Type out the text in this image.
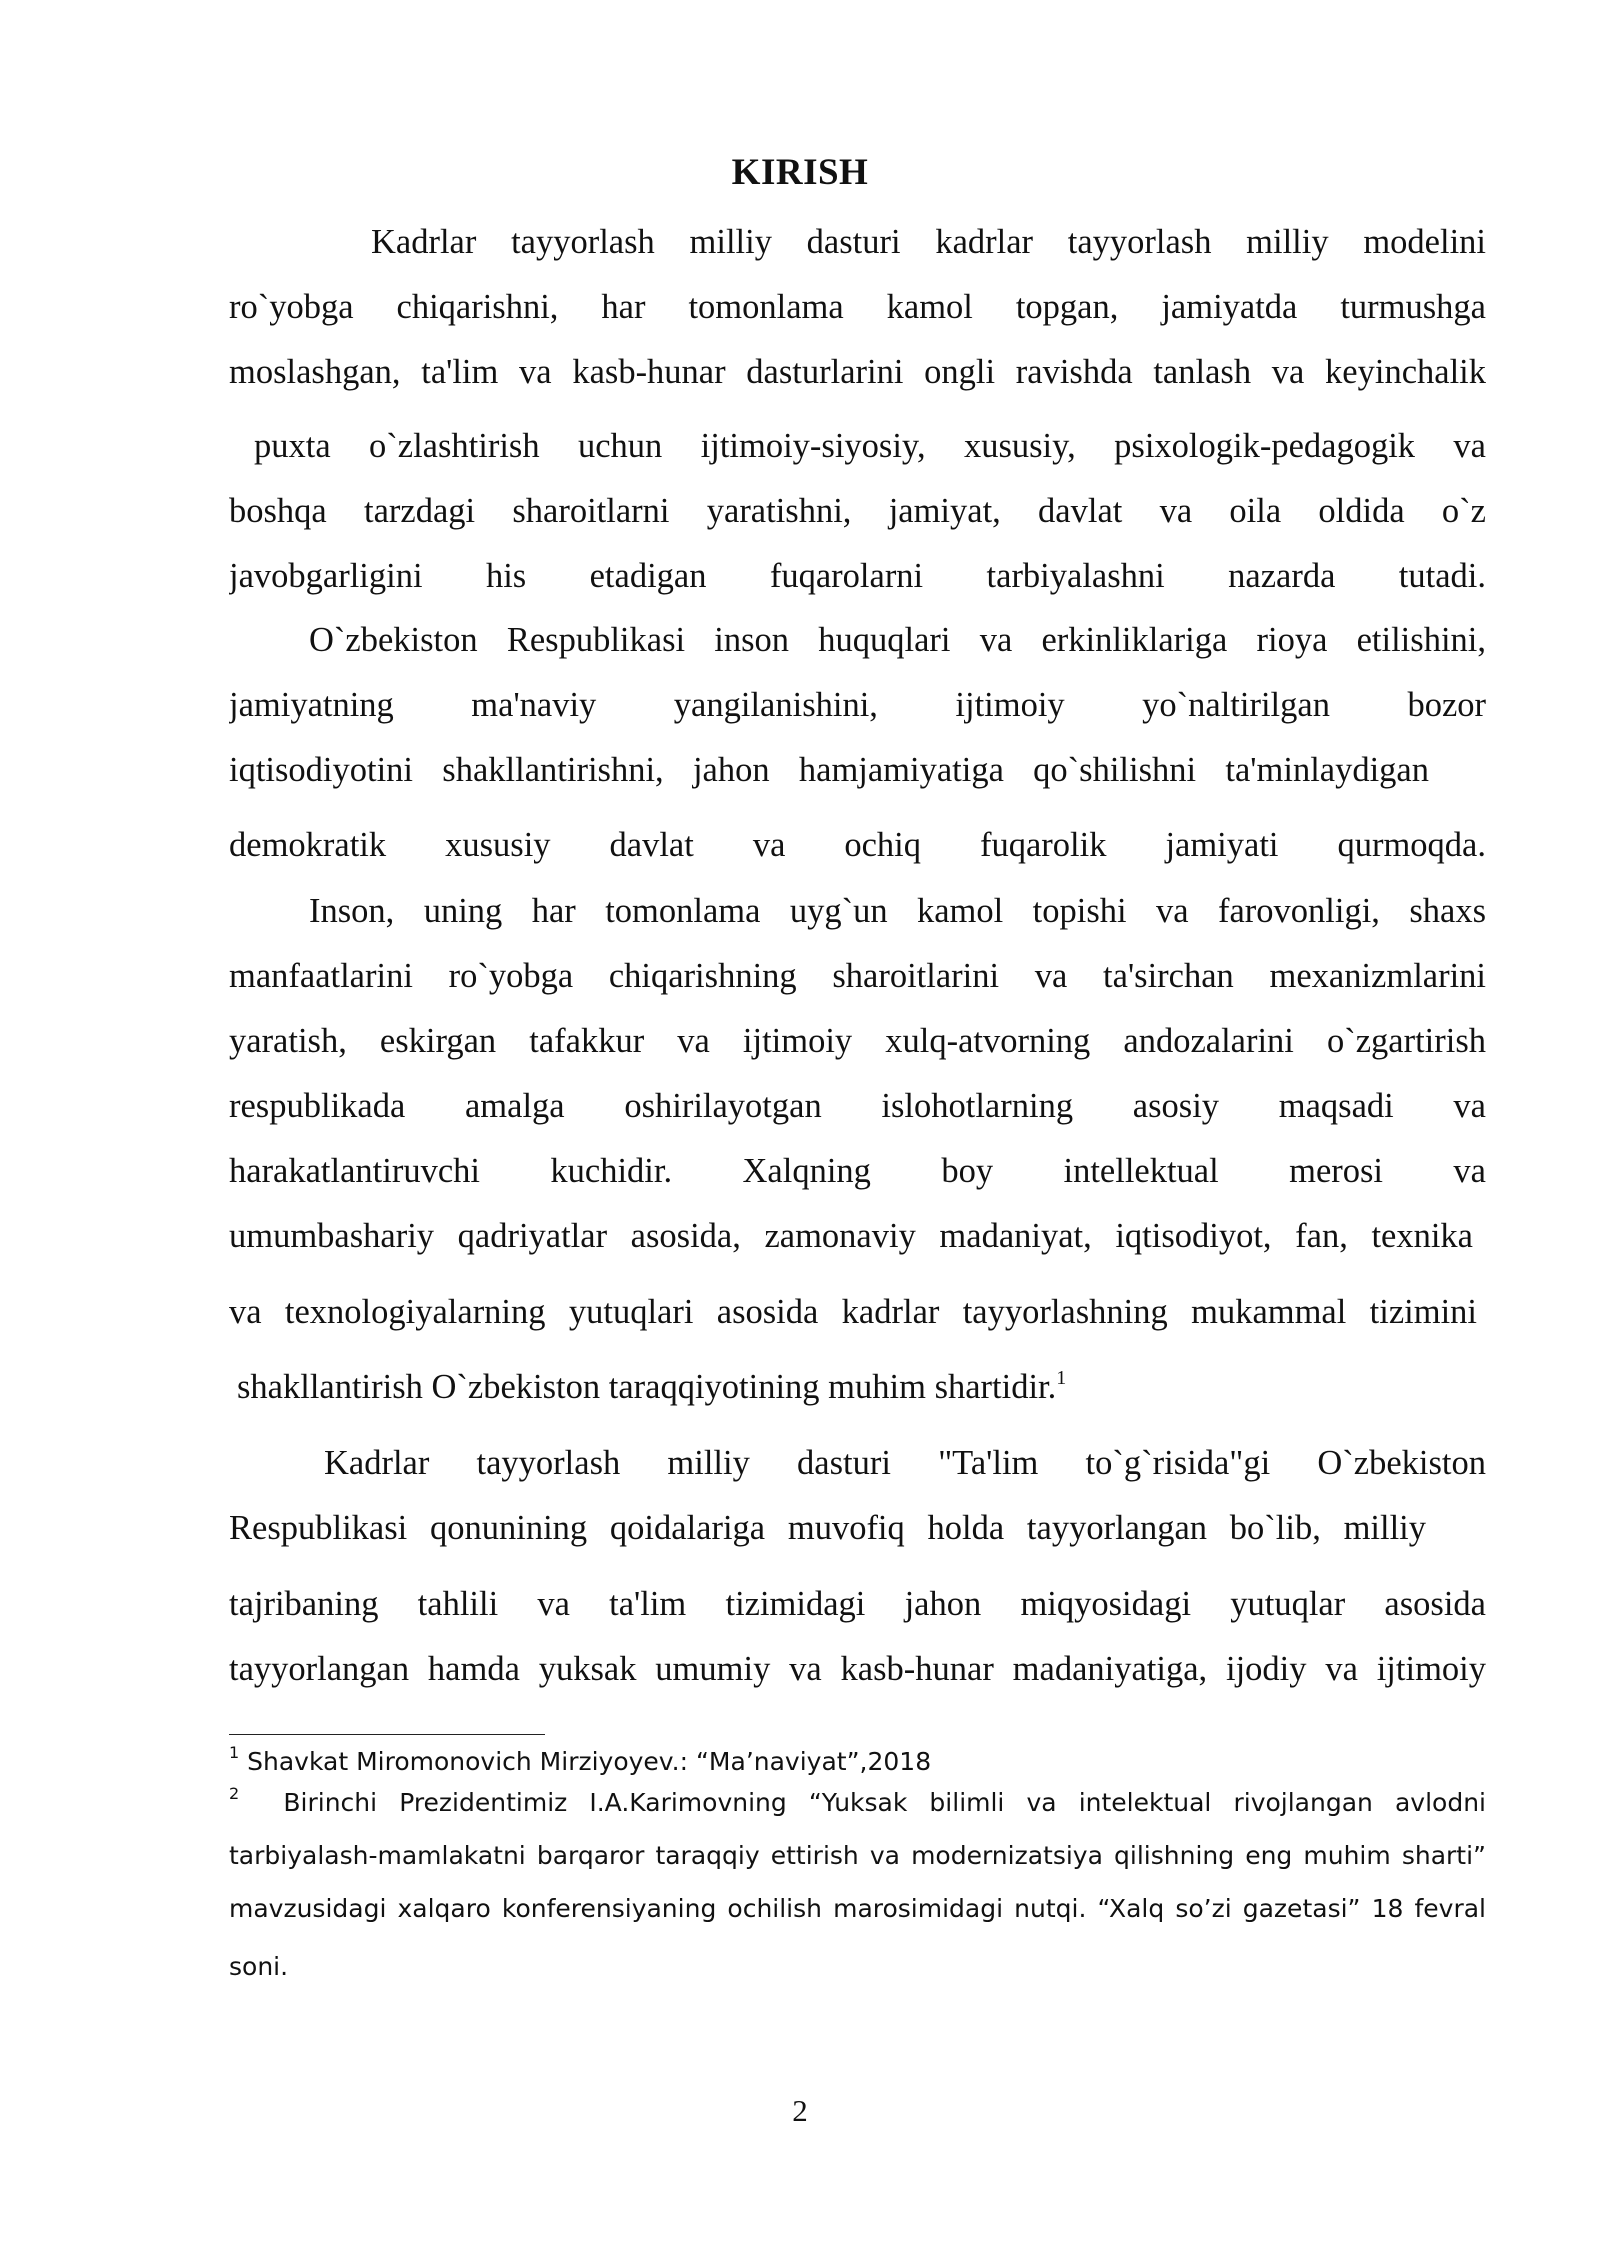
KIRISH
Kadrlar tayyorlash milliy dasturi kadrlar tayyorlash milliy modelini
ro`yobga chiqarishni, har tomonlama kamol topgan, jamiyatda turmushga
moslashgan, ta'lim va kasb-hunar dasturlarini ongli ravishda tanlash va keyinchalik
puxta o`zlashtirish uchun ijtimoiy-siyosiy, xususiy, psixologik-pedagogik va
boshqa tarzdagi sharoitlarni yaratishni, jamiyat, davlat va oila oldida o`z
javobgarligini his etadigan fuqarolarni tarbiyalashni nazarda tutadi.
O`zbekiston Respublikasi inson huquqlari va erkinliklariga rioya etilishini,
jamiyatning ma'naviy yangilanishini, ijtimoiy yo`naltirilgan bozor
iqtisodiyotini shakllantirishni, jahon hamjamiyatiga qo`shilishni ta'minlaydigan
demokratik xususiy davlat va ochiq fuqarolik jamiyati qurmoqda.
Inson, uning har tomonlama uyg`un kamol topishi va farovonligi, shaxs
manfaatlarini ro`yobga chiqarishning sharoitlarini va ta'sirchan mexanizmlarini
yaratish, eskirgan tafakkur va ijtimoiy xulq-atvorning andozalarini o`zgartirish
respublikada amalga oshirilayotgan islohotlarning asosiy maqsadi va
harakatlantiruvchi kuchidir. Xalqning boy intellektual merosi va
umumbashariy qadriyatlar asosida, zamonaviy madaniyat, iqtisodiyot, fan, texnika
va texnologiyalarning yutuqlari asosida kadrlar tayyorlashning mukammal tizimini
shakllantirish O`zbekiston taraqqiyotining muhim shartidir.$^1$
Kadrlar tayyorlash milliy dasturi "Ta'lim to`g`risida"gi O`zbekiston
Respublikasi qonunining qoidalariga muvofiq holda tayyorlangan bo`lib, milliy
tajribaning tahlili va ta'lim tizimidagi jahon miqyosidagi yutuqlar asosida
tayyorlangan hamda yuksak umumiy va kasb-hunar madaniyatiga, ijodiy va ijtimoiy
$^1$ Shavkat Miromonovich Mirziyoyev.: “Ma’naviyat”,2018
$^2$ Birinchi Prezidentimiz I.A.Karimovning “Yuksak bilimli va intelektual rivojlangan avlodni
tarbiyalash-mamlakatni barqaror taraqqiy ettirish va modernizatsiya qilishning eng muhim sharti”
mavzusidagi xalqaro konferensiyaning ochilish marosimidagi nutqi. “Xalq so’zi gazetasi” 18 fevral
soni.
2
